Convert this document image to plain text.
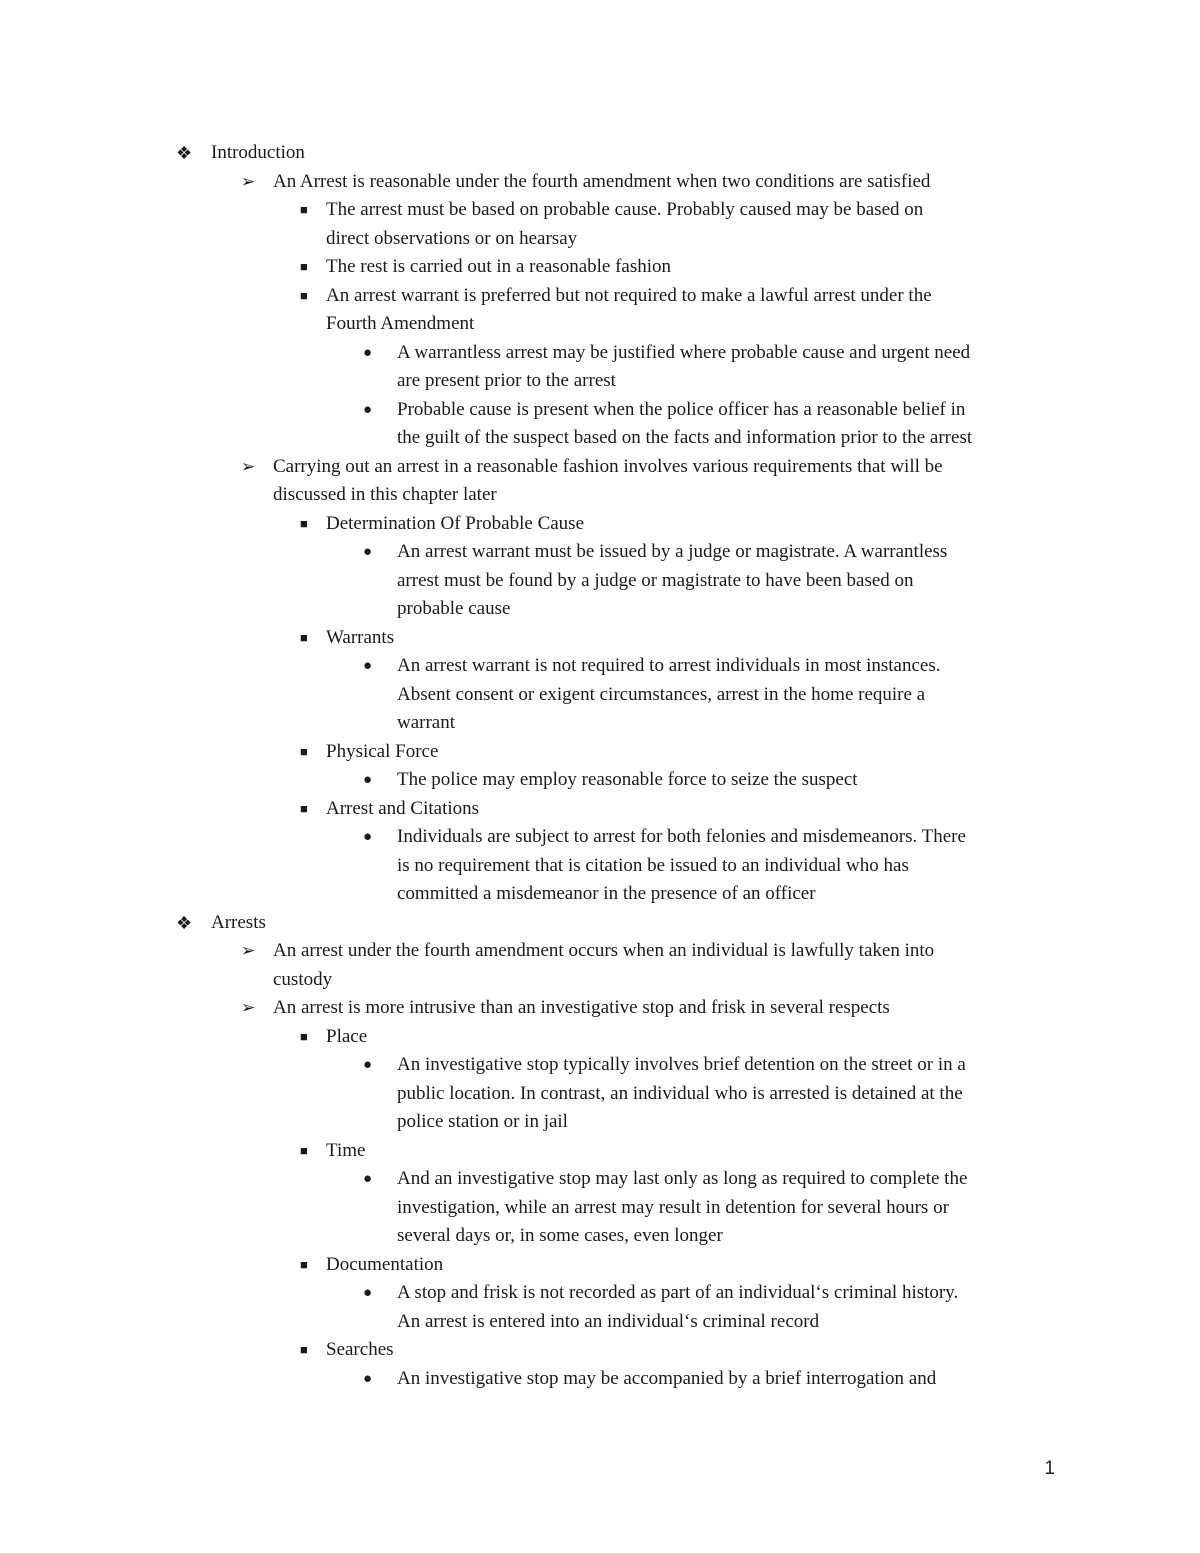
❖ Introduction
➢ An Arrest is reasonable under the fourth amendment when two conditions are satisfied
■ The arrest must be based on probable cause. Probably caused may be based on
direct observations or on hearsay
■ The rest is carried out in a reasonable fashion
■ An arrest warrant is preferred but not required to make a lawful arrest under the
Fourth Amendment
● A warrantless arrest may be justified where probable cause and urgent need
are present prior to the arrest
● Probable cause is present when the police officer has a reasonable belief in
the guilt of the suspect based on the facts and information prior to the arrest
➢ Carrying out an arrest in a reasonable fashion involves various requirements that will be
discussed in this chapter later
■ Determination Of Probable Cause
● An arrest warrant must be issued by a judge or magistrate. A warrantless
arrest must be found by a judge or magistrate to have been based on
probable cause
■ Warrants
● An arrest warrant is not required to arrest individuals in most instances.
Absent consent or exigent circumstances, arrest in the home require a
warrant
■ Physical Force
● The police may employ reasonable force to seize the suspect
■ Arrest and Citations
● Individuals are subject to arrest for both felonies and misdemeanors. There
is no requirement that is citation be issued to an individual who has
committed a misdemeanor in the presence of an officer
❖ Arrests
➢ An arrest under the fourth amendment occurs when an individual is lawfully taken into
custody
➢ An arrest is more intrusive than an investigative stop and frisk in several respects
■ Place
● An investigative stop typically involves brief detention on the street or in a
public location. In contrast, an individual who is arrested is detained at the
police station or in jail
■ Time
● And an investigative stop may last only as long as required to complete the
investigation, while an arrest may result in detention for several hours or
several days or, in some cases, even longer
■ Documentation
● A stop and frisk is not recorded as part of an individual‘s criminal history.
An arrest is entered into an individual‘s criminal record
■ Searches
● An investigative stop may be accompanied by a brief interrogation and
1
